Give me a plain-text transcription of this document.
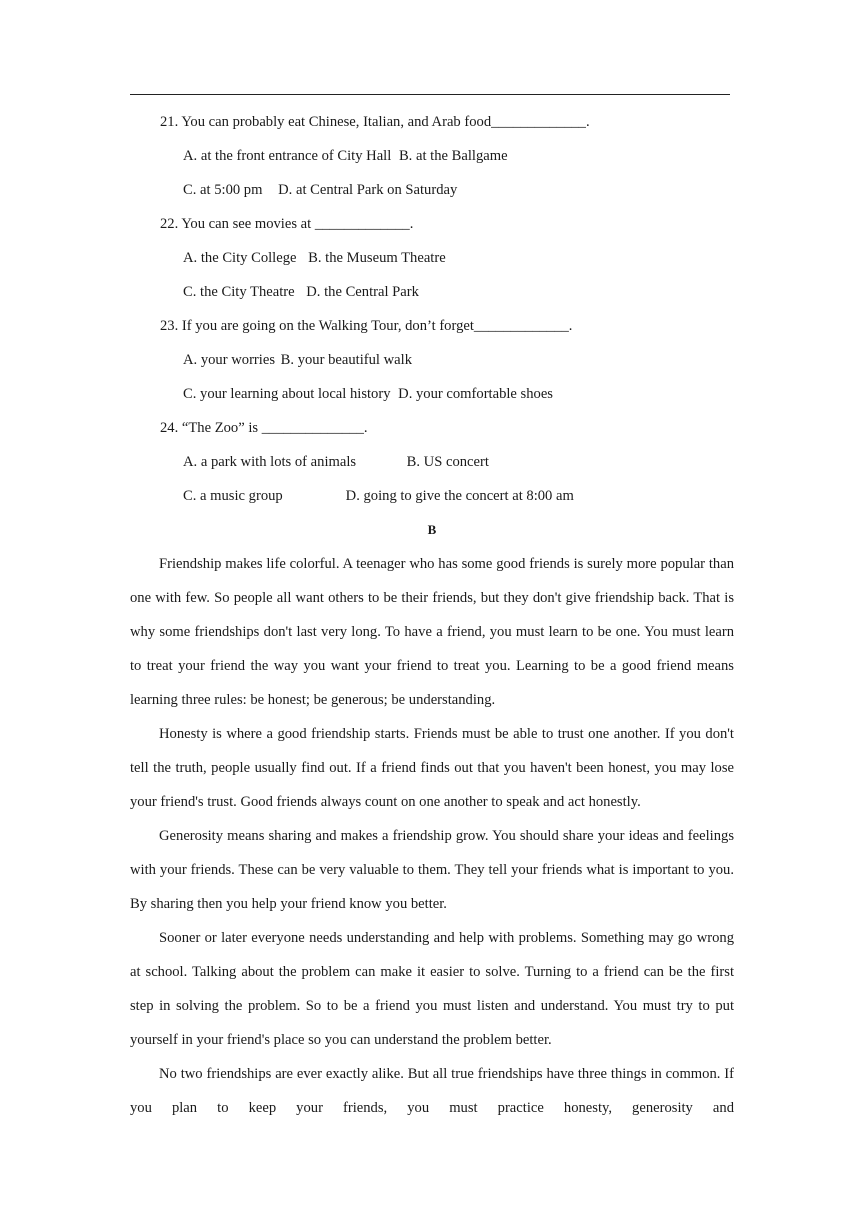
21. You can probably eat Chinese, Italian, and Arab food_____________.
A. at the front entrance of City Hall B. at the Ballgame
C. at 5:00 pm D. at Central Park on Saturday
22. You can see movies at _____________.
A. the City College B. the Museum Theatre
C. the City Theatre D. the Central Park
23. If you are going on the Walking Tour, don’t forget_____________.
A. your worries B. your beautiful walk
C. your learning about local history D. your comfortable shoes
24. “The Zoo” is ______________.
A. a park with lots of animals	B. US concert
C. a music group	D. going to give the concert at 8:00 am
B

Friendship makes life colorful. A teenager who has some good friends is surely more popular than one with few. So people all want others to be their friends, but they don't give friendship back. That is why some friendships don't last very long. To have a friend, you must learn to be one. You must learn to treat your friend the way you want your friend to treat you. Learning to be a good friend means learning three rules: be honest; be generous; be understanding.

Honesty is where a good friendship starts. Friends must be able to trust one another. If you don't tell the truth, people usually find out. If a friend finds out that you haven't been honest, you may lose your friend's trust. Good friends always count on one another to speak and act honestly.

Generosity means sharing and makes a friendship grow. You should share your ideas and feelings with your friends. These can be very valuable to them. They tell your friends what is important to you. By sharing then you help your friend know you better.

Sooner or later everyone needs understanding and help with problems. Something may go wrong at school. Talking about the problem can make it easier to solve. Turning to a friend can be the first step in solving the problem. So to be a friend you must listen and understand. You must try to put yourself in your friend's place so you can understand the problem better.

No two friendships are ever exactly alike. But all true friendships have three things in common. If you plan to keep your friends, you must practice honesty, generosity and
